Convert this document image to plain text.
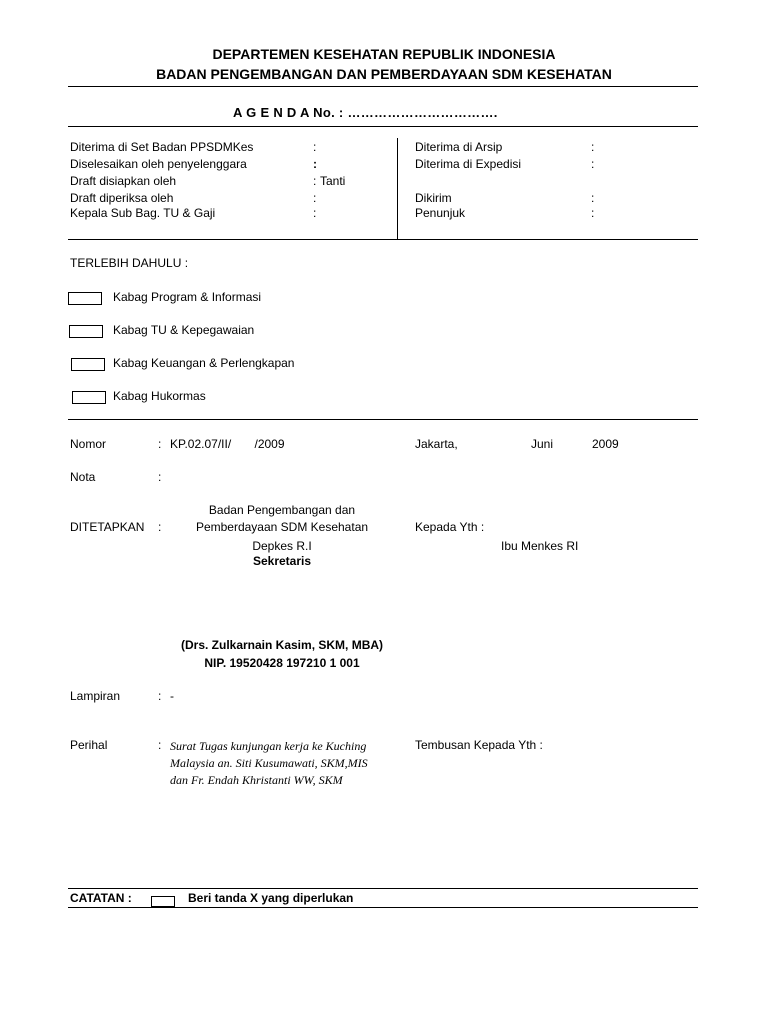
DEPARTEMEN KESEHATAN REPUBLIK INDONESIA
BADAN PENGEMBANGAN DAN PEMBERDAYAAN SDM KESEHATAN
A G E N D A No. : …………………………….
Diterima di Set Badan PPSDMKes	:
Diselesaikan oleh penyelenggara	:
Draft disiapkan oleh	: Tanti
Draft diperiksa oleh	:
Kepala Sub Bag. TU & Gaji	:
Diterima di Arsip	:
Diterima di Expedisi	:
Dikirim	:
Penunjuk	:
TERLEBIH DAHULU :
Kabag Program & Informasi
Kabag TU & Kepegawaian
Kabag Keuangan & Perlengkapan
Kabag Hukormas
Nomor	: KP.02.07/II/       /2009	Jakarta,	Juni	2009
Nota	:
Badan Pengembangan dan
DITETAPKAN :	Pemberdayaan SDM Kesehatan	Kepada Yth :
Depkes R.I	Ibu Menkes RI
Sekretaris
(Drs. Zulkarnain Kasim, SKM, MBA)
NIP. 19520428 197210 1 001
Lampiran	: -
Perihal	: Surat Tugas kunjungan kerja ke Kuching
Malaysia an. Siti Kusumawati, SKM,MIS
dan Fr. Endah Khristanti WW, SKM
Tembusan Kepada Yth :
CATATAN :	Beri tanda X yang diperlukan
